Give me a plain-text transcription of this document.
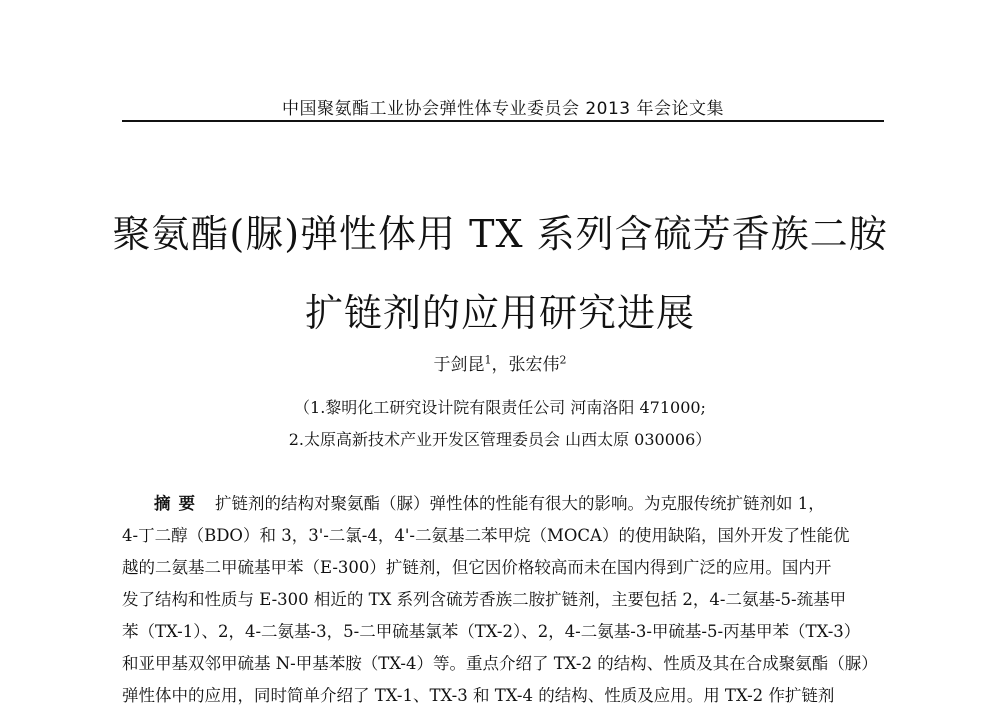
中国聚氨酯工业协会弹性体专业委员会 2013 年会论文集
聚氨酯(脲)弹性体用 TX 系列含硫芳香族二胺
扩链剂的应用研究进展
于剑昆$^1$，张宏伟$^2$
（1.黎明化工研究设计院有限责任公司 河南洛阳 471000;
2.太原高新技术产业开发区管理委员会 山西太原 030006）
摘要 扩链剂的结构对聚氨酯（脲）弹性体的性能有很大的影响。为克服传统扩链剂如 1，
4-丁二醇（BDO）和 3，3'-二氯-4，4'-二氨基二苯甲烷（MOCA）的使用缺陷，国外开发了性能优
越的二氨基二甲硫基甲苯（E-300）扩链剂，但它因价格较高而未在国内得到广泛的应用。国内开
发了结构和性质与 E-300 相近的 TX 系列含硫芳香族二胺扩链剂，主要包括 2，4-二氨基-5-巯基甲
苯（TX-1）、2，4-二氨基-3，5-二甲硫基氯苯（TX-2）、2，4-二氨基-3-甲硫基-5-丙基甲苯（TX-3）
和亚甲基双邻甲硫基 N-甲基苯胺（TX-4）等。重点介绍了 TX-2 的结构、性质及其在合成聚氨酯（脲）
弹性体中的应用，同时简单介绍了 TX-1、TX-3 和 TX-4 的结构、性质及应用。用 TX-2 作扩链剂
